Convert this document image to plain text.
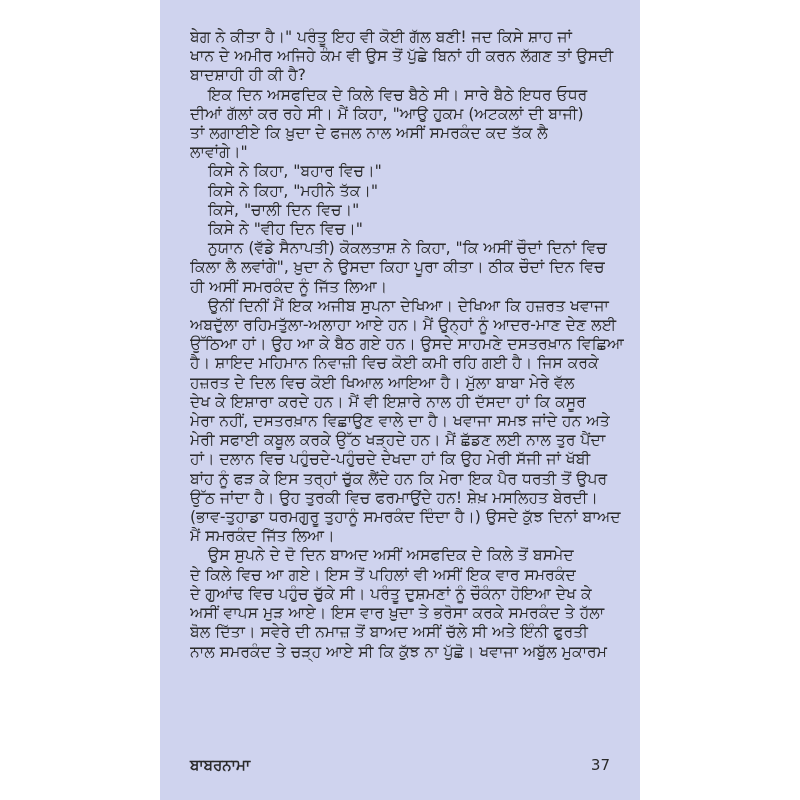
ਬੇਗ ਨੇ ਕੀਤਾ ਹੈ।" ਪਰੰਤੂ ਇਹ ਵੀ ਕੋਈ ਗੱਲ ਬਣੀ! ਜਦ ਕਿਸੇ ਸ਼ਾਹ ਜਾਂ
ਖਾਨ ਦੇ ਅਮੀਰ ਅਜਿਹੇ ਕੰਮ ਵੀ ਉਸ ਤੋਂ ਪੁੱਛੇ ਬਿਨਾਂ ਹੀ ਕਰਨ ਲੱਗਣ ਤਾਂ ਉਸਦੀ
ਬਾਦਸ਼ਾਹੀ ਹੀ ਕੀ ਹੈ?
ਇਕ ਦਿਨ ਅਸਫਦਿਕ ਦੇ ਕਿਲੇ ਵਿਚ ਬੈਠੇ ਸੀ। ਸਾਰੇ ਬੈਠੇ ਇਧਰ ਓਧਰ
ਦੀਆਂ ਗੱਲਾਂ ਕਰ ਰਹੇ ਸੀ। ਮੈਂ ਕਿਹਾ, "ਆਉ ਹੁਕਮ (ਅਟਕਲਾਂ ਦੀ ਬਾਜੀ)
ਤਾਂ ਲਗਾਈਏ ਕਿ ਖ਼ੁਦਾ ਦੇ ਫਜਲ ਨਾਲ ਅਸੀਂ ਸਮਰਕੰਦ ਕਦ ਤੱਕ ਲੈ
ਲਾਵਾਂਗੇ।"
ਕਿਸੇ ਨੇ ਕਿਹਾ, "ਬਹਾਰ ਵਿਚ।"
ਕਿਸੇ ਨੇ ਕਿਹਾ, "ਮਹੀਨੇ ਤੱਕ।"
ਕਿਸੇ, "ਚਾਲੀ ਦਿਨ ਵਿਚ।"
ਕਿਸੇ ਨੇ "ਵੀਹ ਦਿਨ ਵਿਚ।"
ਨੁਯਾਨ (ਵੱਡੇ ਸੈਨਾਪਤੀ) ਕੋਕਲਤਾਸ਼ ਨੇ ਕਿਹਾ, "ਕਿ ਅਸੀਂ ਚੌਦਾਂ ਦਿਨਾਂ ਵਿਚ
ਕਿਲਾ ਲੈ ਲਵਾਂਗੇ", ਖ਼ੁਦਾ ਨੇ ਉਸਦਾ ਕਿਹਾ ਪੂਰਾ ਕੀਤਾ। ਠੀਕ ਚੌਦਾਂ ਦਿਨ ਵਿਚ
ਹੀ ਅਸੀਂ ਸਮਰਕੰਦ ਨੂੰ ਜਿੱਤ ਲਿਆ।
ਉਨੀਂ ਦਿਨੀਂ ਮੈਂ ਇਕ ਅਜੀਬ ਸੁਪਨਾ ਦੇਖਿਆ। ਦੇਖਿਆ ਕਿ ਹਜ਼ਰਤ ਖਵਾਜਾ
ਅਬਦੁੱਲਾ ਰਹਿਮਤੁੱਲਾ-ਅਲਾਹਾ ਆਏ ਹਨ। ਮੈਂ ਉਨ੍ਹਾਂ ਨੂੰ ਆਦਰ-ਮਾਣ ਦੇਣ ਲਈ
ਉੱਠਿਆ ਹਾਂ। ਉਹ ਆ ਕੇ ਬੈਠ ਗਏ ਹਨ। ਉਸਦੇ ਸਾਹਮਣੇ ਦਸਤਰਖ਼ਾਨ ਵਿਛਿਆ
ਹੈ। ਸ਼ਾਇਦ ਮਹਿਮਾਨ ਨਿਵਾਜ਼ੀ ਵਿਚ ਕੋਈ ਕਮੀ ਰਹਿ ਗਈ ਹੈ। ਜਿਸ ਕਰਕੇ
ਹਜ਼ਰਤ ਦੇ ਦਿਲ ਵਿਚ ਕੋਈ ਖਿਆਲ ਆਇਆ ਹੈ। ਮੁੱਲਾ ਬਾਬਾ ਮੇਰੇ ਵੱਲ
ਦੇਖ ਕੇ ਇਸ਼ਾਰਾ ਕਰਦੇ ਹਨ। ਮੈਂ ਵੀ ਇਸ਼ਾਰੇ ਨਾਲ ਹੀ ਦੱਸਦਾ ਹਾਂ ਕਿ ਕਸੂਰ
ਮੇਰਾ ਨਹੀਂ, ਦਸਤਰਖ਼ਾਨ ਵਿਛਾਉਣ ਵਾਲੇ ਦਾ ਹੈ। ਖਵਾਜਾ ਸਮਝ ਜਾਂਦੇ ਹਨ ਅਤੇ
ਮੇਰੀ ਸਫਾਈ ਕਬੂਲ ਕਰਕੇ ਉੱਠ ਖੜ੍ਹਦੇ ਹਨ। ਮੈਂ ਛੱਡਣ ਲਈ ਨਾਲ ਤੁਰ ਪੈਂਦਾ
ਹਾਂ। ਦਲਾਨ ਵਿਚ ਪਹੁੰਚਦੇ-ਪਹੁੰਚਦੇ ਦੇਖਦਾ ਹਾਂ ਕਿ ਉਹ ਮੇਰੀ ਸੱਜੀ ਜਾਂ ਖੱਬੀ
ਬਾਂਹ ਨੂੰ ਫੜ ਕੇ ਇਸ ਤਰ੍ਹਾਂ ਚੁੱਕ ਲੈਂਦੇ ਹਨ ਕਿ ਮੇਰਾ ਇਕ ਪੈਰ ਧਰਤੀ ਤੋਂ ਉਪਰ
ਉੱਠ ਜਾਂਦਾ ਹੈ। ਉਹ ਤੁਰਕੀ ਵਿਚ ਫਰਮਾਉਂਦੇ ਹਨ! ਸ਼ੇਖ਼ ਮਸਲਿਹਤ ਬੇਰਦੀ।
(ਭਾਵ-ਤੁਹਾਡਾ ਧਰਮਗੁਰੂ ਤੁਹਾਨੂੰ ਸਮਰਕੰਦ ਦਿੰਦਾ ਹੈ।) ਉਸਦੇ ਕੁੱਝ ਦਿਨਾਂ ਬਾਅਦ
ਮੈਂ ਸਮਰਕੰਦ ਜਿੱਤ ਲਿਆ।
ਉਸ ਸੁਪਨੇ ਦੇ ਦੋ ਦਿਨ ਬਾਅਦ ਅਸੀਂ ਅਸਫਦਿਕ ਦੇ ਕਿਲੇ ਤੋਂ ਬਸਮੇਦ
ਦੇ ਕਿਲੇ ਵਿਚ ਆ ਗਏ। ਇਸ ਤੋਂ ਪਹਿਲਾਂ ਵੀ ਅਸੀਂ ਇਕ ਵਾਰ ਸਮਰਕੰਦ
ਦੇ ਗੁਆਂਢ ਵਿਚ ਪਹੁੰਚ ਚੁੱਕੇ ਸੀ। ਪਰੰਤੂ ਦੁਸ਼ਮਣਾਂ ਨੂੰ ਚੌਕੰਨਾ ਹੋਇਆ ਦੇਖ ਕੇ
ਅਸੀਂ ਵਾਪਸ ਮੁੜ ਆਏ। ਇਸ ਵਾਰ ਖ਼ੁਦਾ ਤੇ ਭਰੋਸਾ ਕਰਕੇ ਸਮਰਕੰਦ ਤੇ ਹੱਲਾ
ਬੋਲ ਦਿੱਤਾ। ਸਵੇਰੇ ਦੀ ਨਮਾਜ਼ ਤੋਂ ਬਾਅਦ ਅਸੀਂ ਚੱਲੇ ਸੀ ਅਤੇ ਇੰਨੀ ਫੁਰਤੀ
ਨਾਲ ਸਮਰਕੰਦ ਤੇ ਚੜ੍ਹ ਆਏ ਸੀ ਕਿ ਕੁੱਝ ਨਾ ਪੁੱਛੋ। ਖਵਾਜਾ ਅਬੁੱਲ ਮੁਕਾਰਮ
ਬਾਬਰਨਾਮਾ	37
